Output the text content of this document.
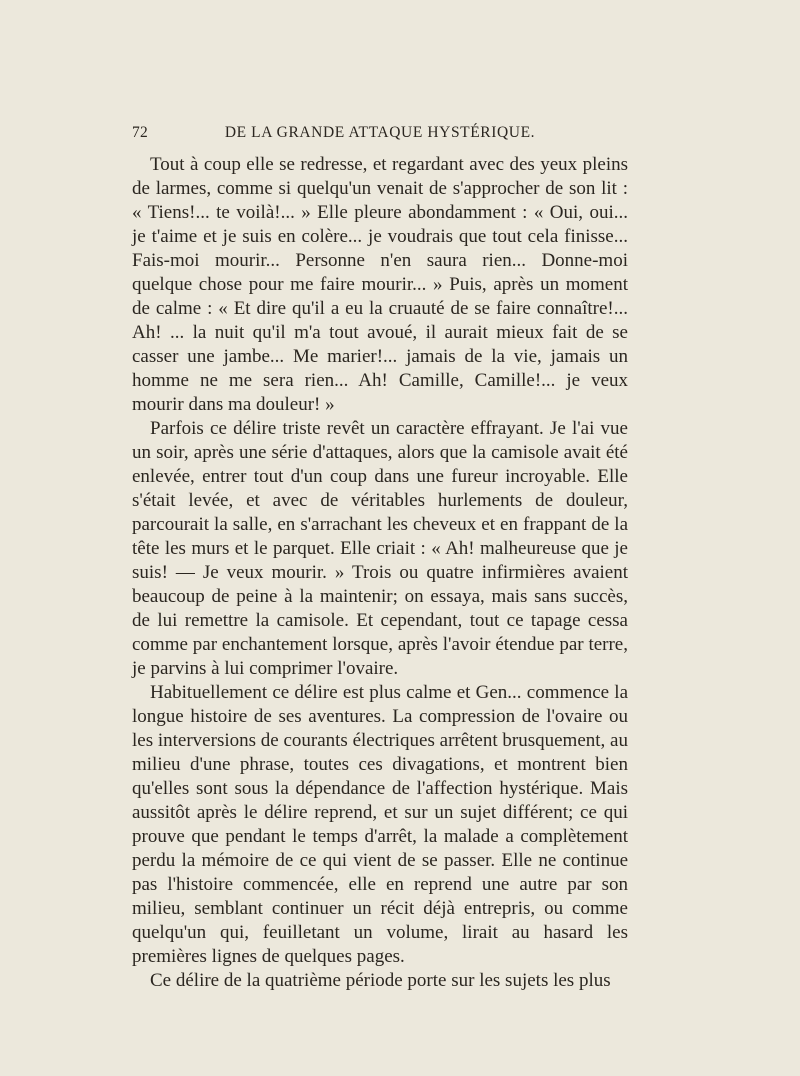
72	DE LA GRANDE ATTAQUE HYSTÉRIQUE.

Tout à coup elle se redresse, et regardant avec des yeux pleins de larmes, comme si quelqu'un venait de s'approcher de son lit : « Tiens!... te voilà!... » Elle pleure abondamment : « Oui, oui... je t'aime et je suis en colère... je voudrais que tout cela finisse... Fais-moi mourir... Personne n'en saura rien... Donne-moi quelque chose pour me faire mourir... » Puis, après un moment de calme : « Et dire qu'il a eu la cruauté de se faire connaître!... Ah! ... la nuit qu'il m'a tout avoué, il aurait mieux fait de se casser une jambe... Me marier!... jamais de la vie, jamais un homme ne me sera rien... Ah! Camille, Camille!... je veux mourir dans ma douleur! »

Parfois ce délire triste revêt un caractère effrayant. Je l'ai vue un soir, après une série d'attaques, alors que la camisole avait été enlevée, entrer tout d'un coup dans une fureur incroyable. Elle s'était levée, et avec de véritables hurlements de douleur, parcourait la salle, en s'arrachant les cheveux et en frappant de la tête les murs et le parquet. Elle criait : « Ah! malheureuse que je suis! — Je veux mourir. » Trois ou quatre infirmières avaient beaucoup de peine à la maintenir; on essaya, mais sans succès, de lui remettre la camisole. Et cependant, tout ce tapage cessa comme par enchantement lorsque, après l'avoir étendue par terre, je parvins à lui comprimer l'ovaire.

Habituellement ce délire est plus calme et Gen... commence la longue histoire de ses aventures. La compression de l'ovaire ou les interversions de courants électriques arrêtent brusquement, au milieu d'une phrase, toutes ces divagations, et montrent bien qu'elles sont sous la dépendance de l'affection hystérique. Mais aussitôt après le délire reprend, et sur un sujet différent; ce qui prouve que pendant le temps d'arrêt, la malade a complètement perdu la mémoire de ce qui vient de se passer. Elle ne continue pas l'histoire commencée, elle en reprend une autre par son milieu, semblant continuer un récit déjà entrepris, ou comme quelqu'un qui, feuilletant un volume, lirait au hasard les premières lignes de quelques pages.

Ce délire de la quatrième période porte sur les sujets les plus
